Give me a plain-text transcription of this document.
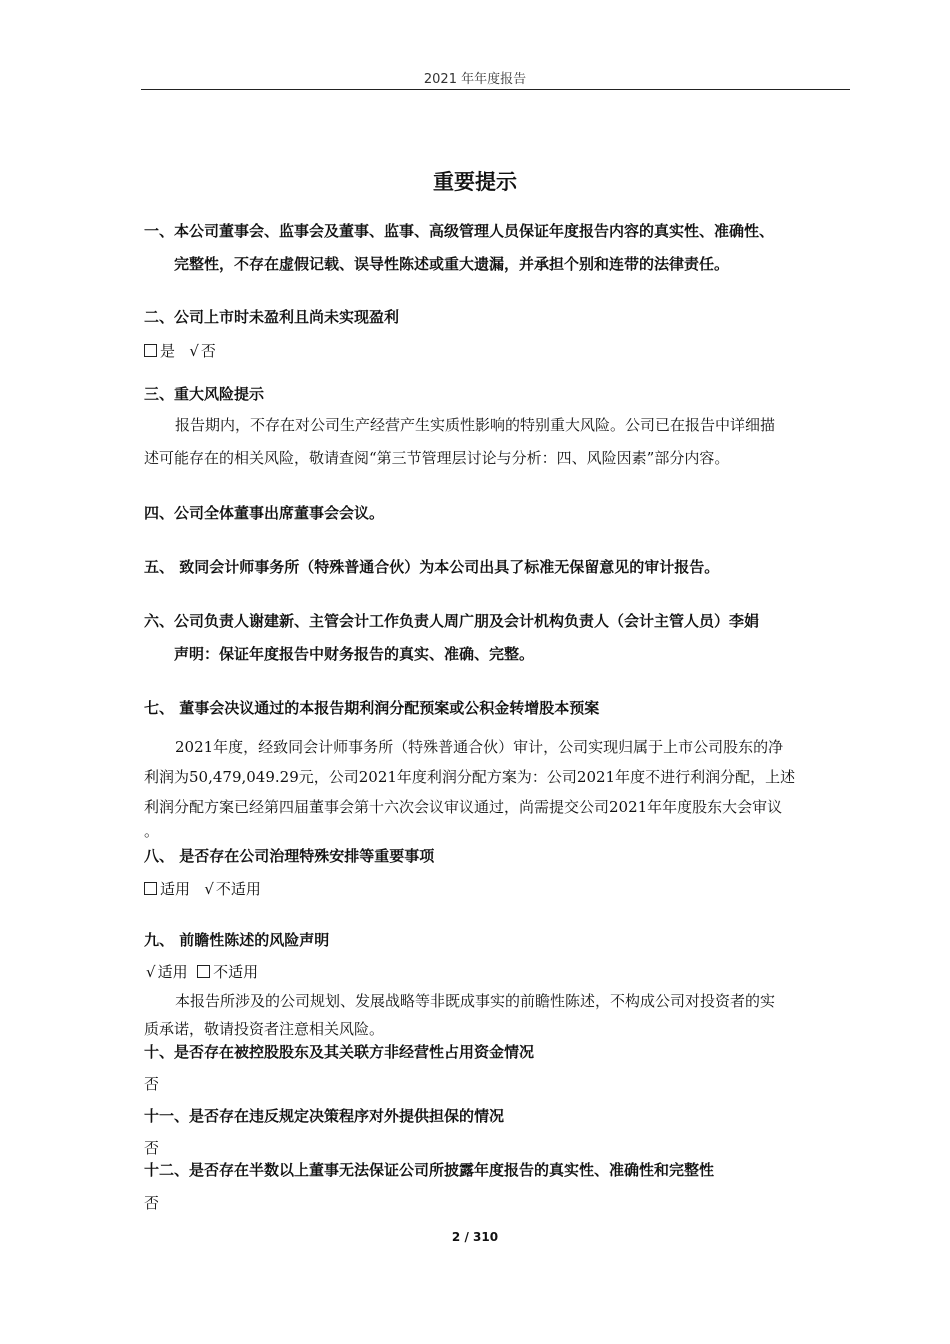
2021 年年度报告
重要提示
一、本公司董事会、监事会及董事、监事、高级管理人员保证年度报告内容的真实性、准确性、
完整性，不存在虚假记载、误导性陈述或重大遗漏，并承担个别和连带的法律责任。
二、公司上市时未盈利且尚未实现盈利
是 √ 否
三、重大风险提示
报告期内，不存在对公司生产经营产生实质性影响的特别重大风险。公司已在报告中详细描
述可能存在的相关风险，敬请查阅“第三节管理层讨论与分析：四、风险因素”部分内容。
四、公司全体董事出席董事会会议。
五、 致同会计师事务所（特殊普通合伙）为本公司出具了标准无保留意见的审计报告。
六、公司负责人谢建新、主管会计工作负责人周广朋及会计机构负责人（会计主管人员）李娟
声明：保证年度报告中财务报告的真实、准确、完整。
七、 董事会决议通过的本报告期利润分配预案或公积金转增股本预案
2021年度，经致同会计师事务所（特殊普通合伙）审计，公司实现归属于上市公司股东的净
利润为50,479,049.29元，公司2021年度利润分配方案为：公司2021年度不进行利润分配，上述
利润分配方案已经第四届董事会第十六次会议审议通过，尚需提交公司2021年年度股东大会审议
。
八、 是否存在公司治理特殊安排等重要事项
适用 √ 不适用
九、 前瞻性陈述的风险声明
√ 适用 不适用
本报告所涉及的公司规划、发展战略等非既成事实的前瞻性陈述，不构成公司对投资者的实
质承诺，敬请投资者注意相关风险。
十、是否存在被控股股东及其关联方非经营性占用资金情况
否
十一、是否存在违反规定决策程序对外提供担保的情况
否
十二、是否存在半数以上董事无法保证公司所披露年度报告的真实性、准确性和完整性
否
2 / 310
